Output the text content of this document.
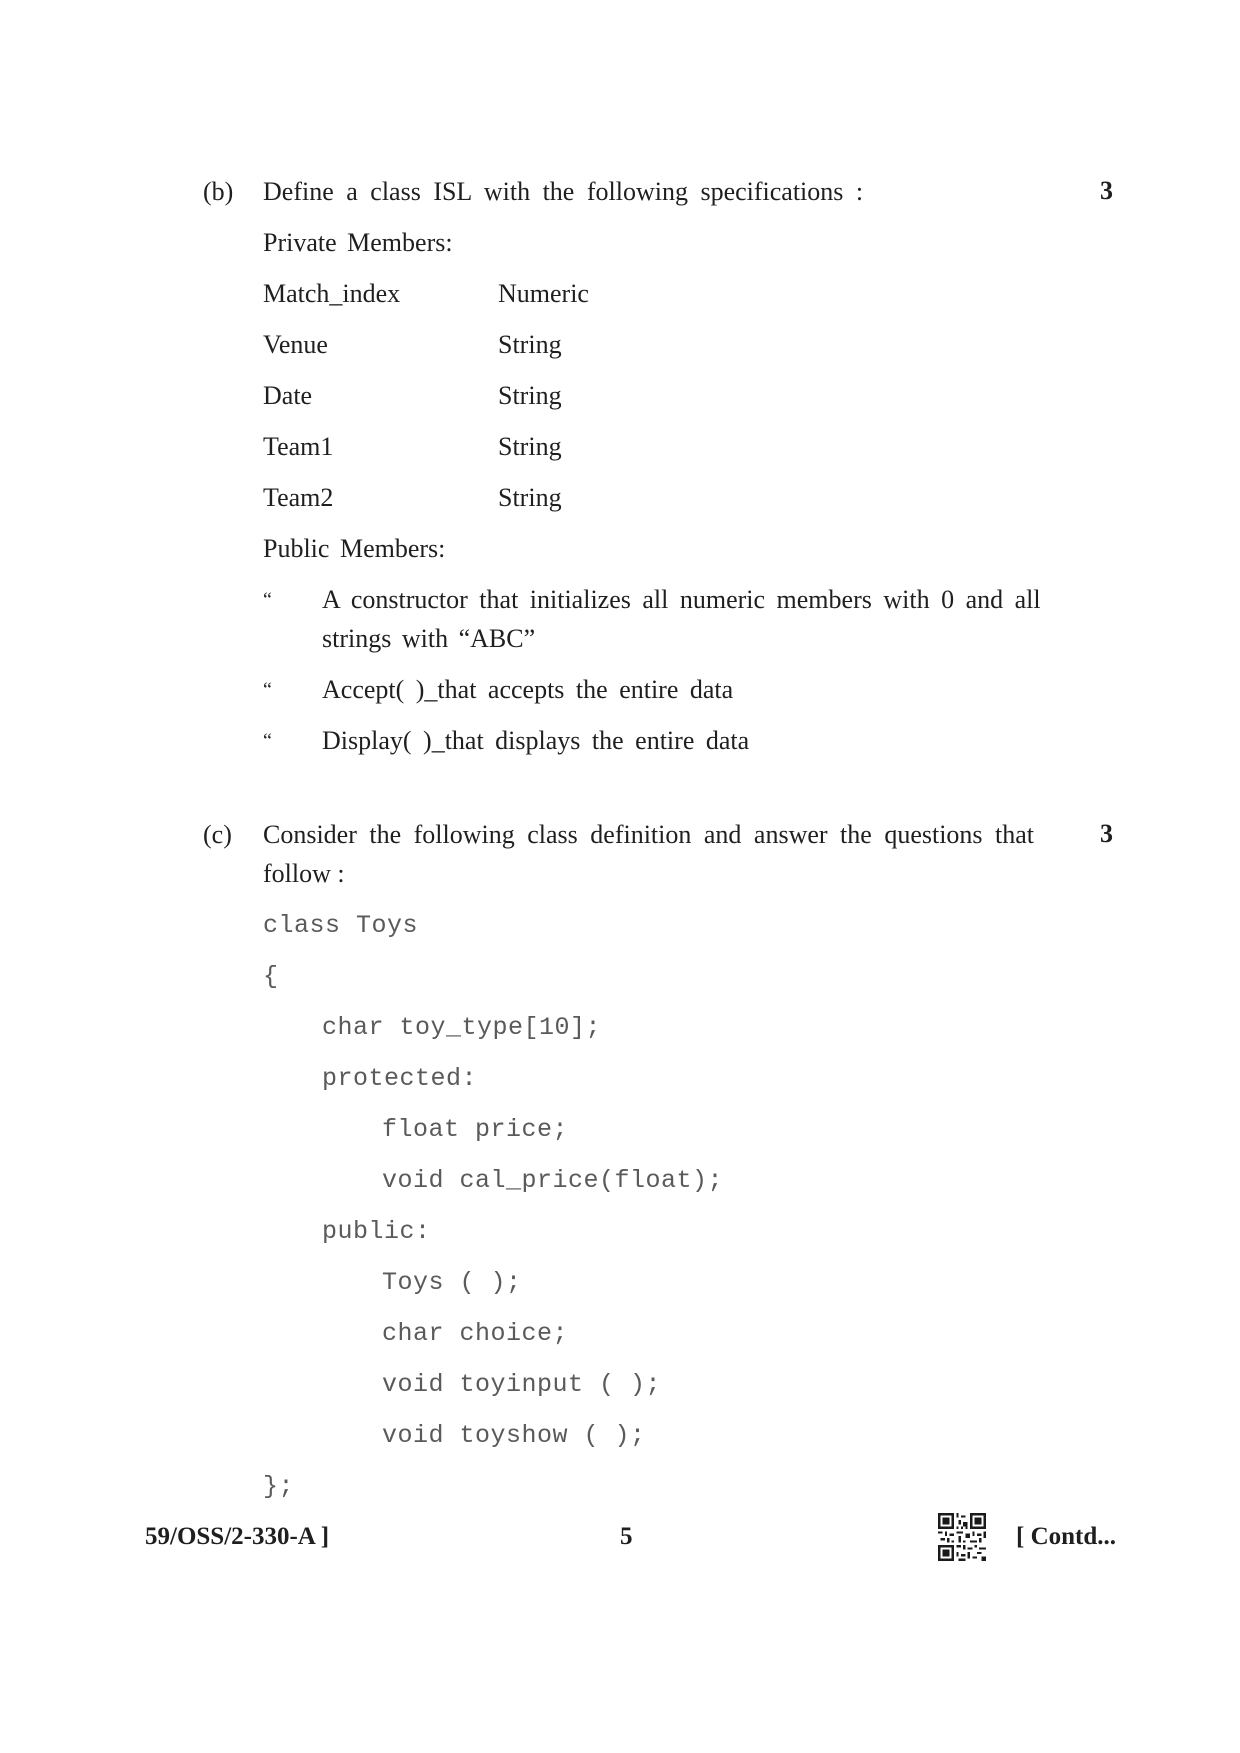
(b) Define a class ISL with the following specifications :	3
Private Members:
Match_index	Numeric
Venue	String
Date	String
Team1	String
Team2	String
Public Members:
“ A constructor that initializes all numeric members with 0 and all
strings with “ABC”
“ Accept( )_that accepts the entire data
“ Display( )_that displays the entire data
(c) Consider the following class definition and answer the questions that	3
follow :
class Toys
{
char toy_type[10];
protected:
float price;
void cal_price(float);
public:
Toys ( );
char choice;
void toyinput ( );
void toyshow ( );
};
59/OSS/2-330-A ]	5	[ Contd...
